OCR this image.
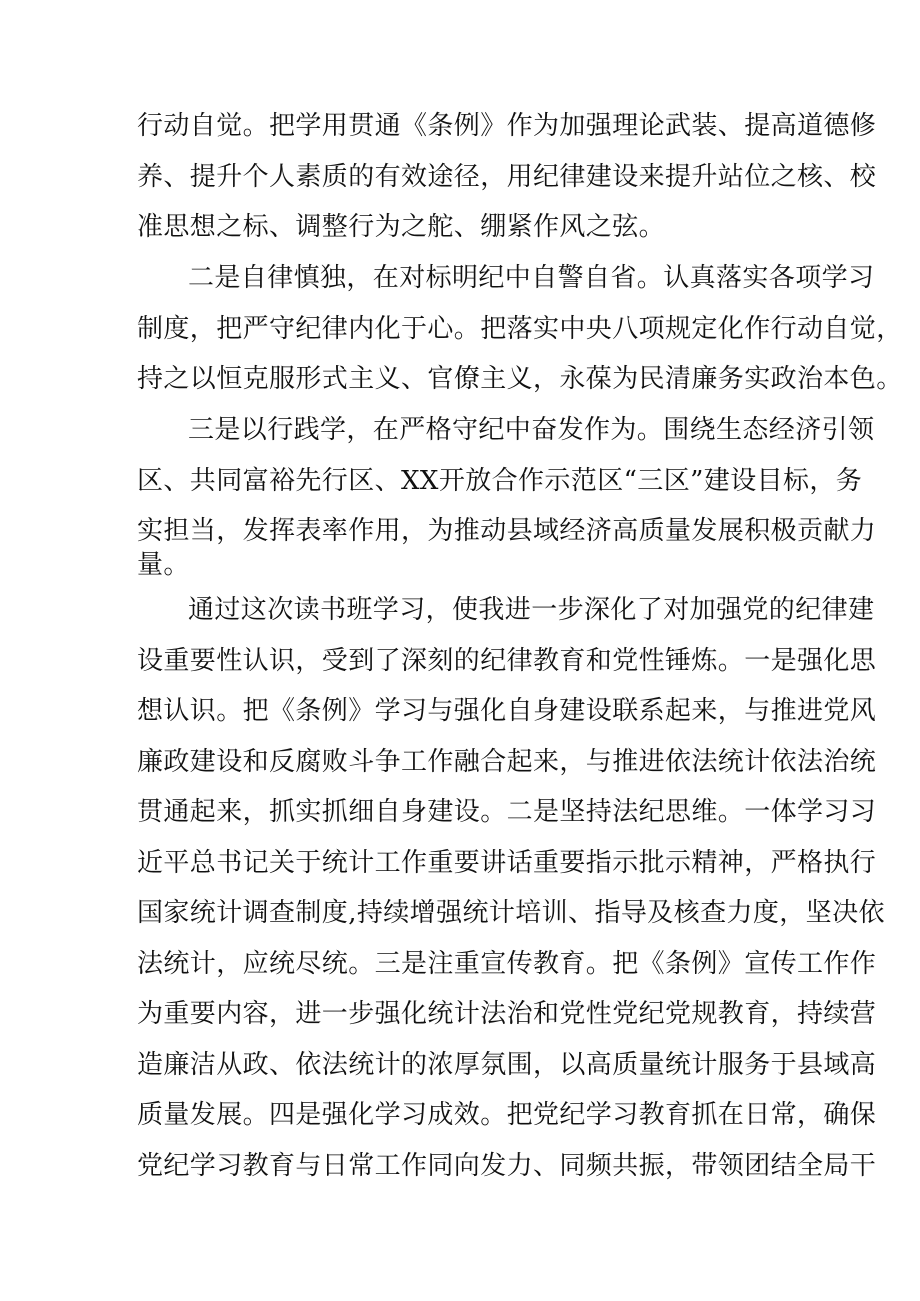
行动自觉。把学用贯通《条例》作为加强理论武装、提高道德修
养、提升个人素质的有效途径，用纪律建设来提升站位之核、校
准思想之标、调整行为之舵、绷紧作风之弦。
二是自律慎独，在对标明纪中自警自省。认真落实各项学习
制度，把严守纪律内化于心。把落实中央八项规定化作行动自觉，
持之以恒克服形式主义、官僚主义，永葆为民清廉务实政治本色。
三是以行践学，在严格守纪中奋发作为。围绕生态经济引领
区、共同富裕先行区、XX开放合作示范区“三区”建设目标，务
实担当，发挥表率作用，为推动县域经济高质量发展积极贡献力
量。
通过这次读书班学习，使我进一步深化了对加强党的纪律建
设重要性认识，受到了深刻的纪律教育和党性锤炼。一是强化思
想认识。把《条例》学习与强化自身建设联系起来，与推进党风
廉政建设和反腐败斗争工作融合起来，与推进依法统计依法治统
贯通起来，抓实抓细自身建设。二是坚持法纪思维。一体学习习
近平总书记关于统计工作重要讲话重要指示批示精神，严格执行
国家统计调查制度,持续增强统计培训、指导及核查力度，坚决依
法统计，应统尽统。三是注重宣传教育。把《条例》宣传工作作
为重要内容，进一步强化统计法治和党性党纪党规教育，持续营
造廉洁从政、依法统计的浓厚氛围，以高质量统计服务于县域高
质量发展。四是强化学习成效。把党纪学习教育抓在日常，确保
党纪学习教育与日常工作同向发力、同频共振，带领团结全局干
